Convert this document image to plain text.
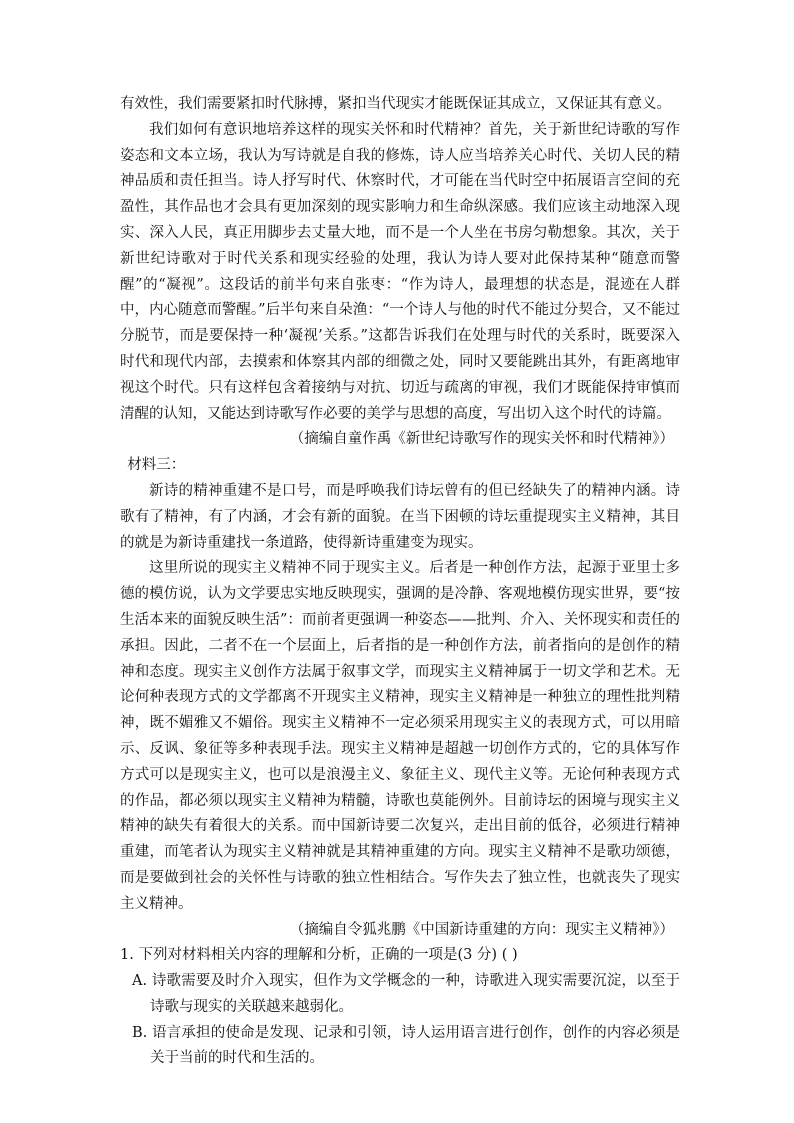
有效性，我们需要紧扣时代脉搏，紧扣当代现实才能既保证其成立，又保证其有意义。

我们如何有意识地培养这样的现实关怀和时代精神？首先，关于新世纪诗歌的写作姿态和文本立场，我认为写诗就是自我的修炼，诗人应当培养关心时代、关切人民的精神品质和责任担当。诗人抒写时代、休察时代，才可能在当代时空中拓展语言空间的充盈性，其作品也才会具有更加深刻的现实影响力和生命纵深感。我们应该主动地深入现实、深入人民，真正用脚步去丈量大地，而不是一个人坐在书房匀勒想象。其次，关于新世纪诗歌对于时代关系和现实经验的处理，我认为诗人要对此保持某种“随意而警醒”的“凝视”。这段话的前半句来自张枣：“作为诗人，最理想的状态是，混迹在人群中，内心随意而警醒。”后半句来自朵渔：“一个诗人与他的时代不能过分契合，又不能过分脱节，而是要保持一种‘凝视’关系。”这都告诉我们在处理与时代的关系时，既要深入时代和现代内部，去摸索和体察其内部的细微之处，同时又要能跳出其外，有距离地审视这个时代。只有这样包含着接纳与对抗、切近与疏离的审视，我们才既能保持审慎而清醒的认知，又能达到诗歌写作必要的美学与思想的高度，写出切入这个时代的诗篇。

（摘编自童作禹《新世纪诗歌写作的现实关怀和时代精神》）

材料三：

新诗的精神重建不是口号，而是呼唤我们诗坛曾有的但已经缺失了的精神内涵。诗歌有了精神，有了内涵，才会有新的面貌。在当下困顿的诗坛重提现实主义精神，其目的就是为新诗重建找一条道路，使得新诗重建变为现实。

这里所说的现实主义精神不同于现实主义。后者是一种创作方法，起源于亚里士多德的模仿说，认为文学要忠实地反映现实，强调的是冷静、客观地模仿现实世界，要“按生活本来的面貌反映生活”：而前者更强调一种姿态——批判、介入、关怀现实和责任的承担。因此，二者不在一个层面上，后者指的是一种创作方法，前者指向的是创作的精神和态度。现实主义创作方法属于叙事文学，而现实主义精神属于一切文学和艺术。无论何种表现方式的文学都离不开现实主义精神，现实主义精神是一种独立的理性批判精神，既不媚雅又不媚俗。现实主义精神不一定必须采用现实主义的表现方式，可以用暗示、反讽、象征等多种表现手法。现实主义精神是超越一切创作方式的，它的具体写作方式可以是现实主义，也可以是浪漫主义、象征主义、现代主义等。无论何种表现方式的作品，都必须以现实主义精神为精髓，诗歌也莫能例外。目前诗坛的困境与现实主义精神的缺失有着很大的关系。而中国新诗要二次复兴，走出目前的低谷，必须进行精神重建，而笔者认为现实主义精神就是其精神重建的方向。现实主义精神不是歌功颂德，而是要做到社会的关怀性与诗歌的独立性相结合。写作失去了独立性，也就丧失了现实主义精神。

（摘编自令狐兆鹏《中国新诗重建的方向：现实主义精神》）

1. 下列对材料相关内容的理解和分析，正确的一项是(3 分) ( )

A. 诗歌需要及时介入现实，但作为文学概念的一种，诗歌进入现实需要沉淀，以至于诗歌与现实的关联越来越弱化。

B. 语言承担的使命是发现、记录和引领，诗人运用语言进行创作，创作的内容必须是关于当前的时代和生活的。
